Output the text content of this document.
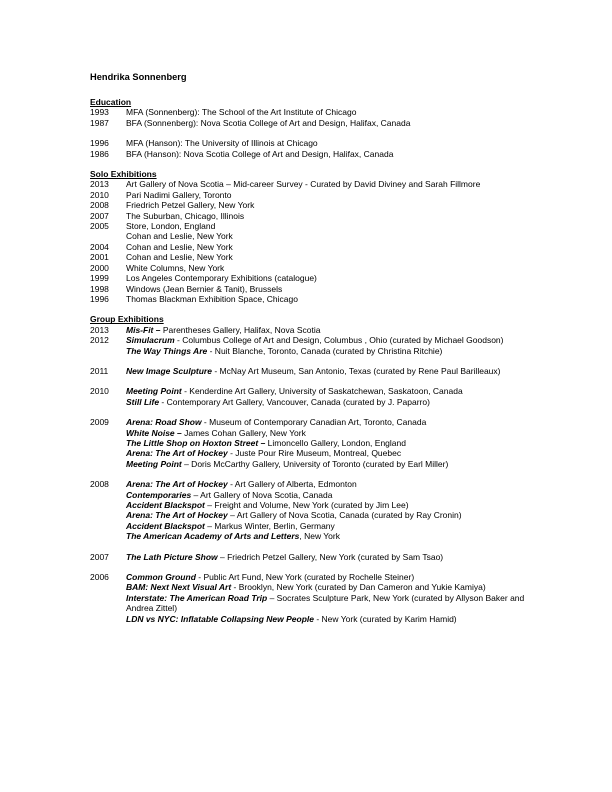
Hendrika Sonnenberg
Education
1993	MFA (Sonnenberg): The School of the Art Institute of Chicago
1987	BFA (Sonnenberg): Nova Scotia College of Art and Design, Halifax, Canada
1996	MFA (Hanson): The University of Illinois at Chicago
1986	BFA (Hanson): Nova Scotia College of Art and Design, Halifax, Canada
Solo Exhibitions
2013	Art Gallery of Nova Scotia – Mid-career Survey - Curated by David Diviney and Sarah Fillmore
2010	Pari Nadimi Gallery, Toronto
2008	Friedrich Petzel Gallery, New York
2007	The Suburban, Chicago, Illinois
2005	Store, London, England
Cohan and Leslie, New York
2004	Cohan and Leslie, New York
2001	Cohan and Leslie, New York
2000	White Columns, New York
1999	Los Angeles Contemporary Exhibitions (catalogue)
1998	Windows (Jean Bernier & Tanit), Brussels
1996	Thomas Blackman Exhibition Space, Chicago
Group Exhibitions
2013	Mis-Fit – Parentheses Gallery, Halifax, Nova Scotia
2012	Simulacrum - Columbus College of Art and Design, Columbus , Ohio (curated by Michael Goodson)
The Way Things Are - Nuit Blanche, Toronto, Canada (curated by Christina Ritchie)
2011	New Image Sculpture - McNay Art Museum, San Antonio, Texas (curated by Rene Paul Barilleaux)
2010	Meeting Point - Kenderdine Art Gallery, University of Saskatchewan, Saskatoon, Canada
Still Life - Contemporary Art Gallery, Vancouver, Canada (curated by J. Paparro)
2009	Arena: Road Show - Museum of Contemporary Canadian Art, Toronto, Canada
White Noise – James Cohan Gallery, New York
The Little Shop on Hoxton Street – Limoncello Gallery, London, England
Arena: The Art of Hockey - Juste Pour Rire Museum, Montreal, Quebec
Meeting Point – Doris McCarthy Gallery, University of Toronto (curated by Earl Miller)
2008	Arena: The Art of Hockey - Art Gallery of Alberta, Edmonton
Contemporaries – Art Gallery of Nova Scotia, Canada
Accident Blackspot – Freight and Volume, New York (curated by Jim Lee)
Arena: The Art of Hockey – Art Gallery of Nova Scotia, Canada (curated by Ray Cronin)
Accident Blackspot – Markus Winter, Berlin, Germany
The American Academy of Arts and Letters, New York
2007	The Lath Picture Show – Friedrich Petzel Gallery, New York (curated by Sam Tsao)
2006	Common Ground - Public Art Fund, New York (curated by Rochelle Steiner)
BAM: Next Next Visual Art - Brooklyn, New York (curated by Dan Cameron and Yukie Kamiya)
Interstate: The American Road Trip – Socrates Sculpture Park, New York (curated by Allyson Baker and Andrea Zittel)
LDN vs NYC: Inflatable Collapsing New People - New York (curated by Karim Hamid)
